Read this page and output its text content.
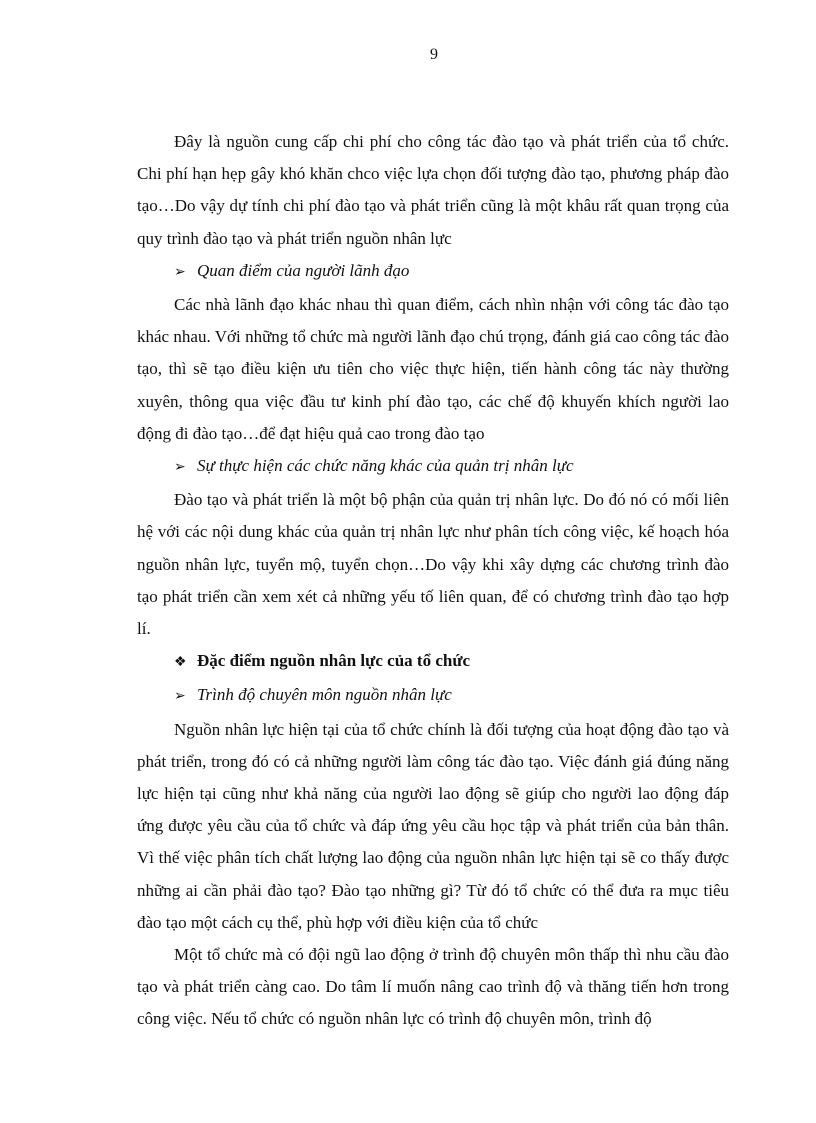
9

Đây là nguồn cung cấp chi phí cho công tác đào tạo và phát triển của tổ chức. Chi phí hạn hẹp gây khó khăn chco việc lựa chọn đối tượng đào tạo, phương pháp đào tạo…Do vậy dự tính chi phí đào tạo và phát triển cũng là một khâu rất quan trọng của quy trình đào tạo và phát triển nguồn nhân lực

➢ Quan điểm của người lãnh đạo

Các nhà lãnh đạo khác nhau thì quan điểm, cách nhìn nhận với công tác đào tạo khác nhau. Với những tổ chức mà người lãnh đạo chú trọng, đánh giá cao công tác đào tạo, thì sẽ tạo điều kiện ưu tiên cho việc thực hiện, tiến hành công tác này thường xuyên, thông qua việc đầu tư kinh phí đào tạo, các chế độ khuyến khích người lao động đi đào tạo…để đạt hiệu quả cao trong đào tạo

➢ Sự thực hiện các chức năng khác của quản trị nhân lực

Đào tạo và phát triển là một bộ phận của quản trị nhân lực. Do đó nó có mối liên hệ với các nội dung khác của quản trị nhân lực như phân tích công việc, kế hoạch hóa nguồn nhân lực, tuyển mộ, tuyển chọn…Do vậy khi xây dựng các chương trình đào tạo phát triển cần xem xét cả những yếu tố liên quan, để có chương trình đào tạo hợp lí.

❖ Đặc điểm nguồn nhân lực của tổ chức
➢ Trình độ chuyên môn nguồn nhân lực

Nguồn nhân lực hiện tại của tổ chức chính là đối tượng của hoạt động đào tạo và phát triển, trong đó có cả những người làm công tác đào tạo. Việc đánh giá đúng năng lực hiện tại cũng như khả năng của người lao động sẽ giúp cho người lao động đáp ứng được yêu cầu của tổ chức và đáp ứng yêu cầu học tập và phát triển của bản thân. Vì thế việc phân tích chất lượng lao động của nguồn nhân lực hiện tại sẽ co thấy được những ai cần phải đào tạo? Đào tạo những gì? Từ đó tổ chức có thể đưa ra mục tiêu đào tạo một cách cụ thể, phù hợp với điều kiện của tổ chức

Một tổ chức mà có đội ngũ lao động ở trình độ chuyên môn thấp thì nhu cầu đào tạo và phát triển càng cao. Do tâm lí muốn nâng cao trình độ và thăng tiến hơn trong công việc. Nếu tổ chức có nguồn nhân lực có trình độ chuyên môn, trình độ
